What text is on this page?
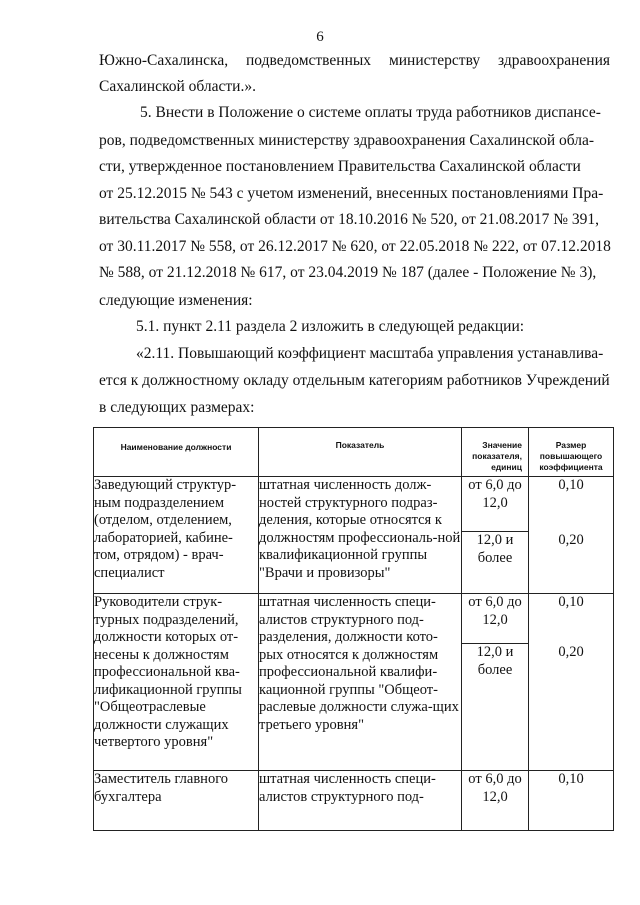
6
Южно-Сахалинска, подведомственных министерству здравоохранения
Сахалинской области.».
5. Внести в Положение о системе оплаты труда работников диспансе-
ров, подведомственных министерству здравоохранения Сахалинской обла-
сти, утвержденное постановлением Правительства Сахалинской области
от 25.12.2015 № 543 с учетом изменений, внесенных постановлениями Пра-
вительства Сахалинской области от 18.10.2016 № 520, от 21.08.2017 № 391,
от 30.11.2017 № 558, от 26.12.2017 № 620, от 22.05.2018 № 222, от 07.12.2018
№ 588, от 21.12.2018 № 617, от 23.04.2019 № 187 (далее - Положение № 3),
следующие изменения:
5.1. пункт 2.11 раздела 2 изложить в следующей редакции:
«2.11. Повышающий коэффициент масштаба управления устанавлива-
ется к должностному окладу отдельным категориям работников Учреждений
в следующих размерах:
Наименование должности	Показатель	Значение показателя, единиц	Размер повышающего коэффициента

Заведующий структур-ным подразделением (отделом, отделением, лабораторией, кабине-том, отрядом) - врач-специалист	штатная численность долж-ностей структурного подраз-деления, которые относятся к должностям профессиональ-ной квалификационной группы "Врачи и провизоры"	от 6,0 до 12,0	0,10
		12,0 и более	0,20
Руководители струк-турных подразделений, должности которых от-несены к должностям профессиональной ква-лификационной группы "Общеотраслевые должности служащих четвертого уровня"	штатная численность специ-алистов структурного под-разделения, должности кото-рых относятся к должностям профессиональной квалифи-кационной группы "Общеот-раслевые должности служа-щих третьего уровня"	от 6,0 до 12,0	0,10
		12,0 и более	0,20
Заместитель главного бухгалтера	штатная численность специ-алистов структурного под-	от 6,0 до 12,0	0,10
